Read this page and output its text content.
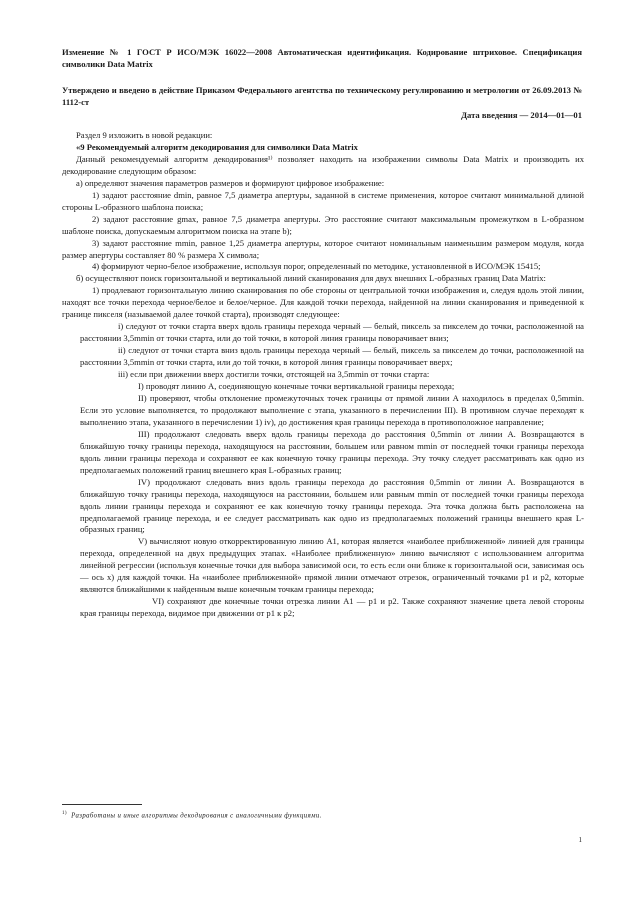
Изменение № 1 ГОСТ Р ИСО/МЭК 16022—2008 Автоматическая идентификация. Кодирование штриховое. Спецификация символики Data Matrix
Утверждено и введено в действие Приказом Федерального агентства по техническому регулированию и метрологии от 26.09.2013 № 1112-ст
Дата введения — 2014—01—01

Раздел 9 изложить в новой редакции:

«9 Рекомендуемый алгоритм декодирования для символики Data Matrix

Данный рекомендуемый алгоритм декодирования¹⁾ позволяет находить на изображении символы Data Matrix и производить их декодирование следующим образом:

а) определяют значения параметров размеров и формируют цифровое изображение:

1) задают расстояние dmin, равное 7,5 диаметра апертуры, заданной в системе применения, которое считают минимальной длиной стороны L-образного шаблона поиска;

2) задают расстояние gmax, равное 7,5 диаметра апертуры. Это расстояние считают максимальным промежутком в L-образном шаблоне поиска, допускаемым алгоритмом поиска на этапе b);

3) задают расстояние mmin, равное 1,25 диаметра апертуры, которое считают номинальным наименьшим размером модуля, когда размер апертуры составляет 80 % размера X символа;

4) формируют черно-белое изображение, используя порог, определенный по методике, установленной в ИСО/МЭК 15415;

б) осуществляют поиск горизонтальной и вертикальной линий сканирования для двух внешних L-образных границ Data Matrix:

1) продлевают горизонтальную линию сканирования по обе стороны от центральной точки изображения и, следуя вдоль этой линии, находят все точки перехода черное/белое и белое/черное. Для каждой точки перехода, найденной на линии сканирования и приведенной к границе пикселя (называемой далее точкой старта), производят следующее:

i) следуют от точки старта вверх вдоль границы перехода черный — белый, пиксель за пикселем до точки, расположенной на расстоянии 3,5mmin от точки старта, или до той точки, в которой линия границы поворачивает вниз;

ii) следуют от точки старта вниз вдоль границы перехода черный — белый, пиксель за пикселем до точки, расположенной на расстоянии 3,5mmin от точки старта, или до той точки, в которой линия границы поворачивает вверх;

iii) если при движении вверх достигли точки, отстоящей на 3,5mmin от точки старта:

I) проводят линию А, соединяющую конечные точки вертикальной границы перехода;

II) проверяют, чтобы отклонение промежуточных точек границы от прямой линии А находилось в пределах 0,5mmin. Если это условие выполняется, то продолжают выполнение с этапа, указанного в перечислении III). В противном случае переходят к выполнению этапа, указанного в перечислении 1) iv), до достижения края границы перехода в противоположное направление;

III) продолжают следовать вверх вдоль границы перехода до расстояния 0,5mmin от линии А. Возвращаются в ближайшую точку границы перехода, находящуюся на расстоянии, большем или равном mmin от последней точки границы перехода вдоль линии границы перехода и сохраняют ее как конечную точку границы перехода. Эту точку следует рассматривать как одно из предполагаемых положений границ внешнего края L-образных границ;

IV) продолжают следовать вниз вдоль границы перехода до расстояния 0,5mmin от линии А. Возвращаются в ближайшую точку границы перехода, находящуюся на расстоянии, большем или равным mmin от последней точки границы перехода вдоль линии границы перехода и сохраняют ее как конечную точку границы перехода. Эта точка должна быть расположена на предполагаемой границе перехода, и ее следует рассматривать как одно из предполагаемых положений границы внешнего края L-образных границ;

V) вычисляют новую откорректированную линию А1, которая является «наиболее приближенной» линией для границы перехода, определенной на двух предыдущих этапах. «Наиболее приближенную» линию вычисляют с использованием алгоритма линейной регрессии (используя конечные точки для выбора зависимой оси, то есть если они ближе к горизонтальной оси, зависимая ось — ось х) для каждой точки. На «наиболее приближенной» прямой линии отмечают отрезок, ограниченный точками p1 и p2, которые являются ближайшими к найденным выше конечным точкам границы перехода;

VI) сохраняют две конечные точки отрезка линии А1 — p1 и p2. Также сохраняют значение цвета левой стороны края границы перехода, видимое при движении от p1 к p2;

$^{1)}$ Разработаны и иные алгоритмы декодирования с аналогичными функциями.
1
